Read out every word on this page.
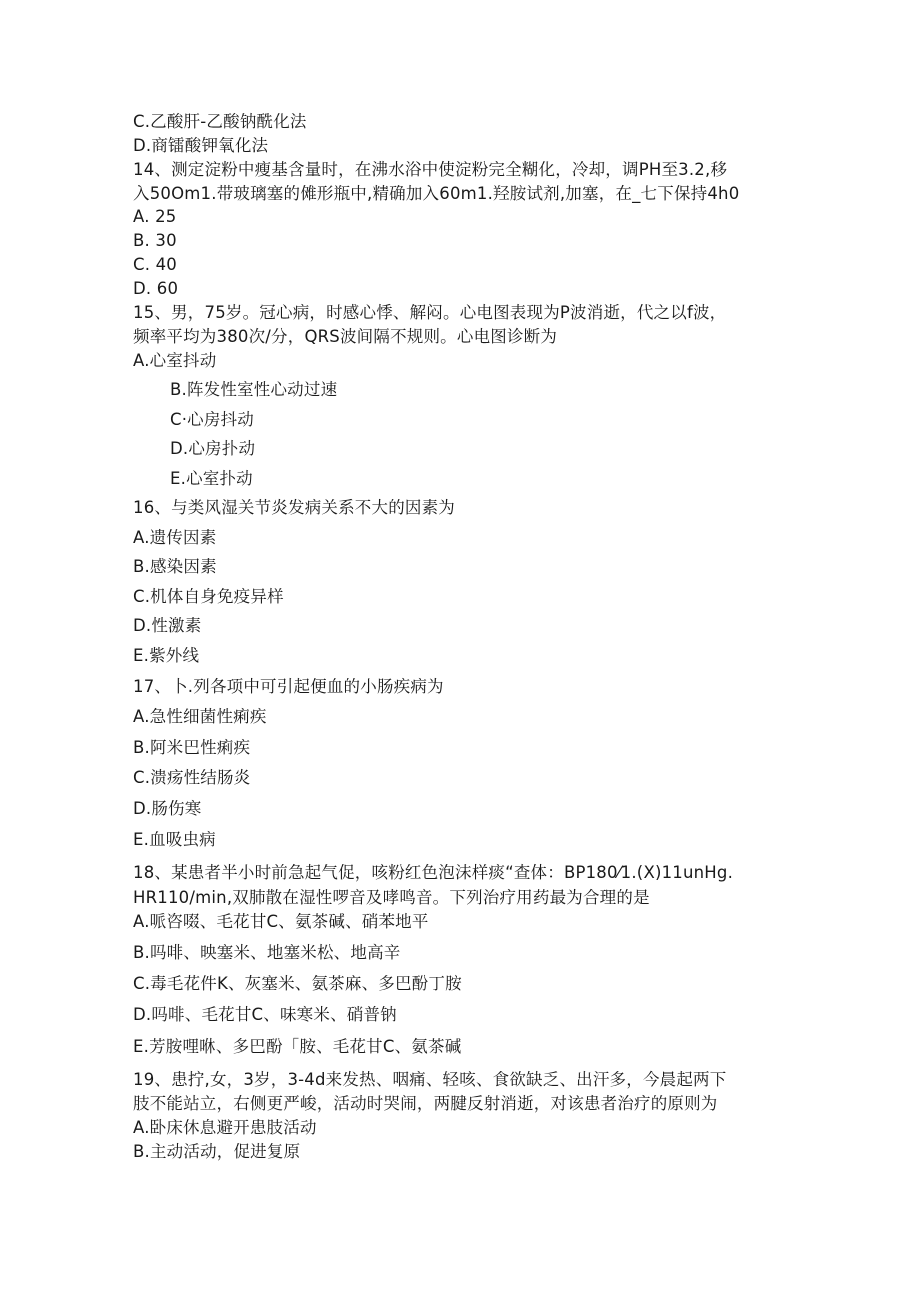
C.乙酸肝-乙酸钠酰化法
D.商镭酸钾氧化法
14、测定淀粉中瘦基含量时，在沸水浴中使淀粉完全糊化，冷却，调PH至3.2,移
入50Om1.带玻璃塞的傩形瓶中,精确加入60m1.羟胺试剂,加塞，在_七下保持4h0
A. 25
B. 30
C. 40
D. 60
15、男，75岁。冠心病，时感心悸、解闷。心电图表现为P波消逝，代之以f波，
频率平均为380次/分，QRS波间隔不规则。心电图诊断为
A.心室抖动
B.阵发性室性心动过速
C·心房抖动
D.心房扑动
E.心室扑动
16、与类风湿关节炎发病关系不大的因素为
A.遗传因素
B.感染因素
C.机体自身免疫异样
D.性激素
E.紫外线
17、卜.列各项中可引起便血的小肠疾病为
A.急性细菌性痢疾
B.阿米巴性痢疾
C.溃疡性结肠炎
D.肠伤寒
E.血吸虫病
18、某患者半小时前急起气促，咳粉红色泡沫样痰“查体：BP180⁄1.(X)11unHg.
HR110/min,双肺散在湿性啰音及哮鸣音。下列治疗用药最为合理的是
A.哌咨啜、毛花甘C、氨茶碱、硝苯地平
B.吗啡、映塞米、地塞米松、地高辛
C.毒毛花件K、灰塞米、氨茶麻、多巴酚丁胺
D.吗啡、毛花甘C、味寒米、硝普钠
E.芳胺哩咻、多巴酚「胺、毛花甘C、氨茶碱
19、患拧,女，3岁，3-4d来发热、咽痛、轻咳、食欲缺乏、出汗多，今晨起两下
肢不能站立，右侧更严峻，活动时哭闹，两腱反射消逝，对该患者治疗的原则为
A.卧床休息避开患肢活动
B.主动活动，促进复原
